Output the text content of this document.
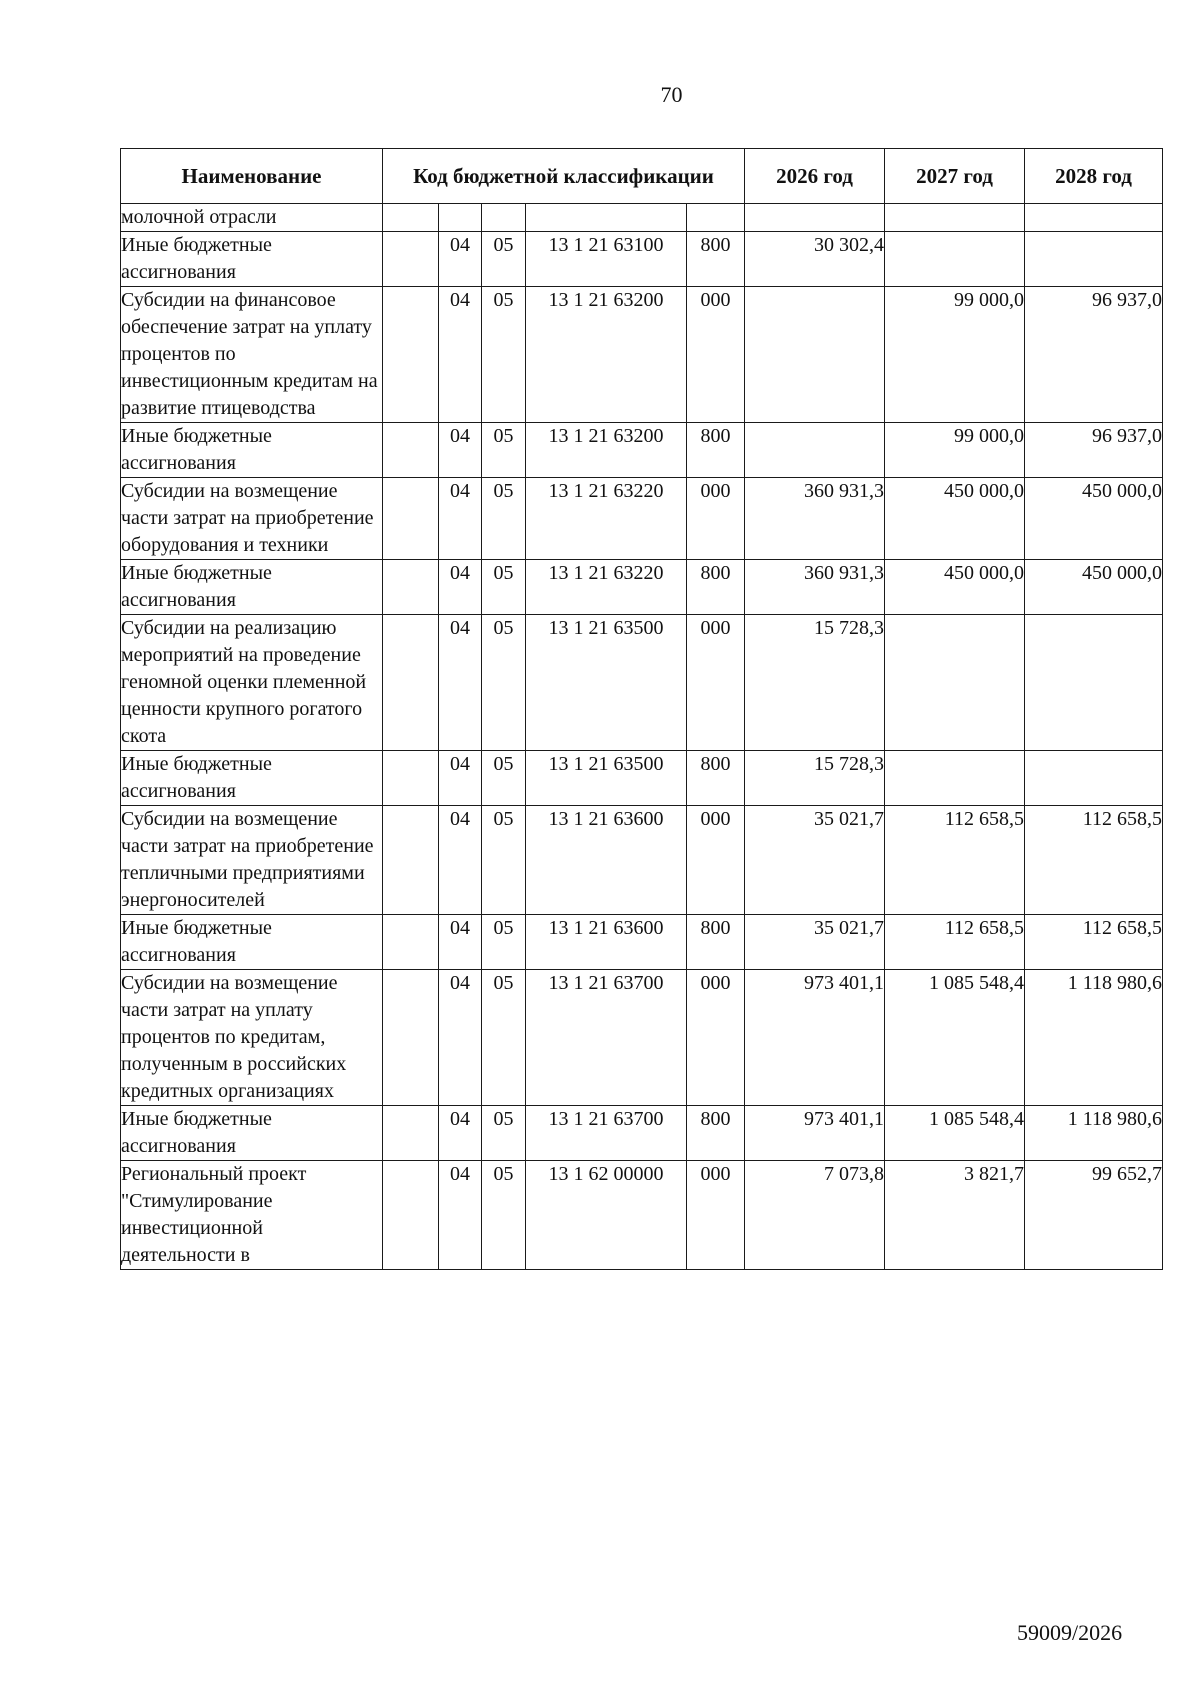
70
Наименование	Код бюджетной классификации					2026 год	2027 год	2028 год
молочной отрасли								
Иные бюджетные ассигнования		04	05	13 1 21 63100	800	30 302,4		
Субсидии на финансовое обеспечение затрат на уплату процентов по инвестиционным кредитам на развитие птицеводства		04	05	13 1 21 63200	000		99 000,0	96 937,0
Иные бюджетные ассигнования		04	05	13 1 21 63200	800		99 000,0	96 937,0
Субсидии на возмещение части затрат на приобретение оборудования и техники		04	05	13 1 21 63220	000	360 931,3	450 000,0	450 000,0
Иные бюджетные ассигнования		04	05	13 1 21 63220	800	360 931,3	450 000,0	450 000,0
Субсидии на реализацию мероприятий на проведение геномной оценки племенной ценности крупного рогатого скота		04	05	13 1 21 63500	000	15 728,3		
Иные бюджетные ассигнования		04	05	13 1 21 63500	800	15 728,3		
Субсидии на возмещение части затрат на приобретение тепличными предприятиями энергоносителей		04	05	13 1 21 63600	000	35 021,7	112 658,5	112 658,5
Иные бюджетные ассигнования		04	05	13 1 21 63600	800	35 021,7	112 658,5	112 658,5
Субсидии на возмещение части затрат на уплату процентов по кредитам, полученным в российских кредитных организациях		04	05	13 1 21 63700	000	973 401,1	1 085 548,4	1 118 980,6
Иные бюджетные ассигнования		04	05	13 1 21 63700	800	973 401,1	1 085 548,4	1 118 980,6
Региональный проект "Стимулирование инвестиционной деятельности в		04	05	13 1 62 00000	000	7 073,8	3 821,7	99 652,7
59009/2026
